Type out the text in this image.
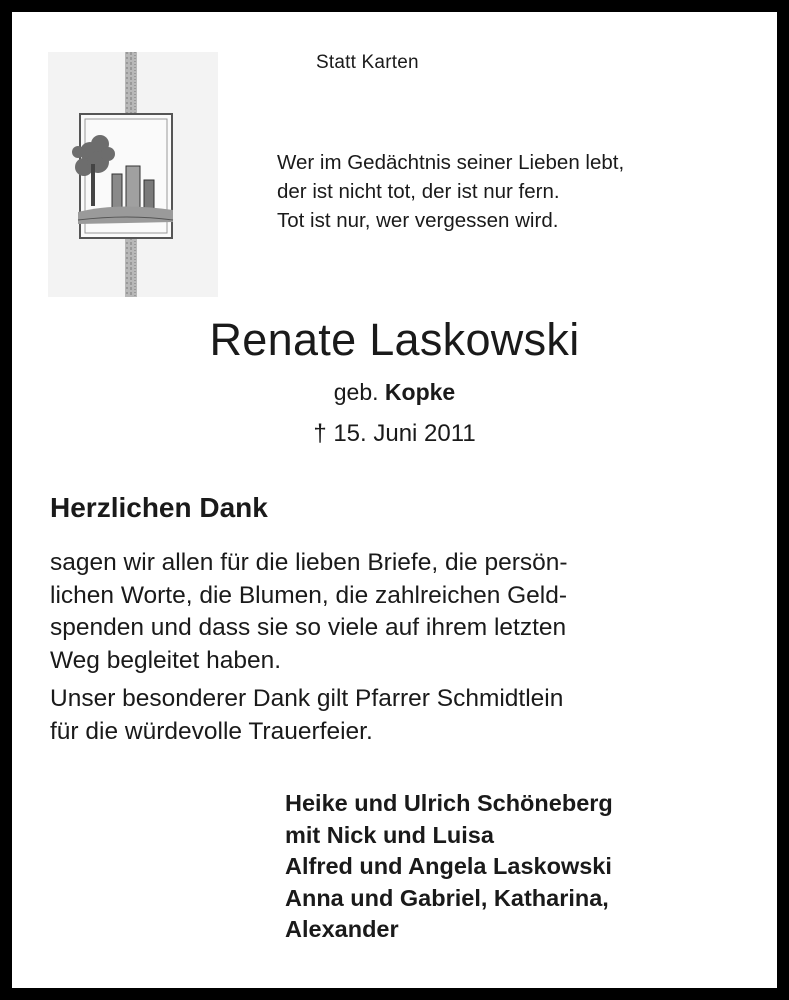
Statt Karten
Wer im Gedächtnis seiner Lieben lebt,
der ist nicht tot, der ist nur fern.
Tot ist nur, wer vergessen wird.
Renate Laskowski
geb. Kopke
† 15. Juni 2011
Herzlichen Dank
sagen wir allen für die lieben Briefe, die persön-
lichen Worte, die Blumen, die zahlreichen Geld-
spenden und dass sie so viele auf ihrem letzten
Weg begleitet haben.
Unser besonderer Dank gilt Pfarrer Schmidtlein
für die würdevolle Trauerfeier.
Heike und Ulrich Schöneberg
mit Nick und Luisa
Alfred und Angela Laskowski
Anna und Gabriel, Katharina,
Alexander
